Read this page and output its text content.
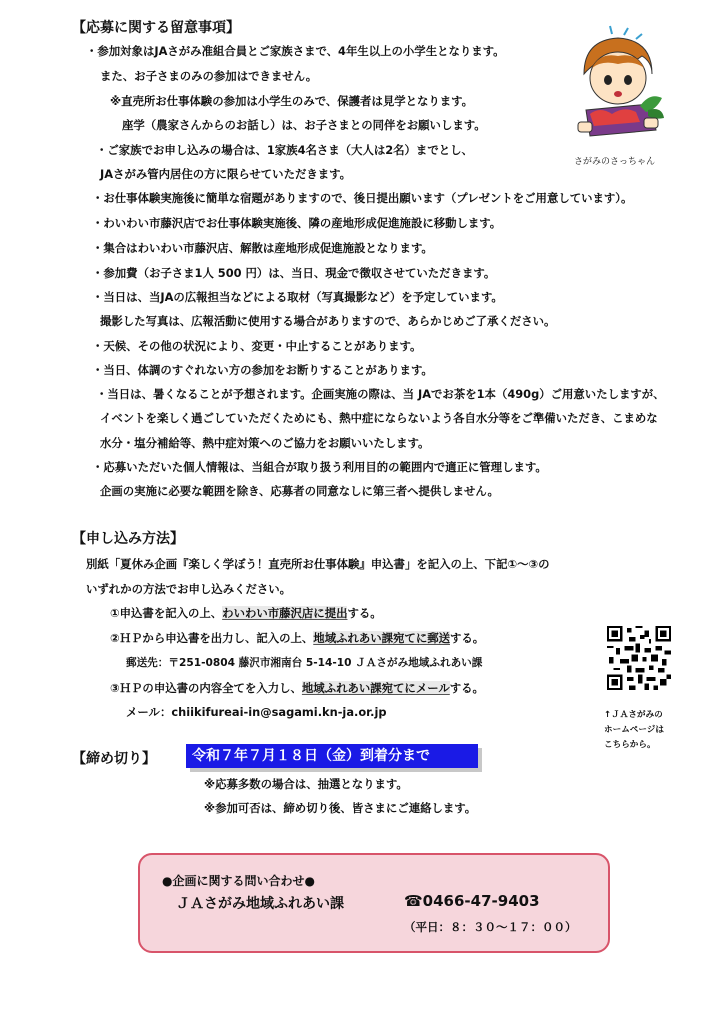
【応募に関する留意事項】
・参加対象はJAさがみ准組合員とご家族さまで、4年生以上の小学生となります。
また、お子さまのみの参加はできません。
※直売所お仕事体験の参加は小学生のみで、保護者は見学となります。
座学（農家さんからのお話し）は、お子さまとの同伴をお願いします。
・ご家族でお申し込みの場合は、1家族4名さま（大人は2名）までとし、
JAさがみ管内居住の方に限らせていただきます。
・お仕事体験実施後に簡単な宿題がありますので、後日提出願います（プレゼントをご用意しています）。
・わいわい市藤沢店でお仕事体験実施後、隣の産地形成促進施設に移動します。
・集合はわいわい市藤沢店、解散は産地形成促進施設となります。
・参加費（お子さま1人 500 円）は、当日、現金で徴収させていただきます。
・当日は、当JAの広報担当などによる取材（写真撮影など）を予定しています。
撮影した写真は、広報活動に使用する場合がありますので、あらかじめご了承ください。
・天候、その他の状況により、変更・中止することがあります。
・当日、体調のすぐれない方の参加をお断りすることがあります。
・当日は、暑くなることが予想されます。企画実施の際は、当 JAでお茶を1本（490g）ご用意いたしますが、
イベントを楽しく過ごしていただくためにも、熱中症にならないよう各自水分等をご準備いただき、こまめな
水分・塩分補給等、熱中症対策へのご協力をお願いいたします。
・応募いただいた個人情報は、当組合が取り扱う利用目的の範囲内で適正に管理します。
企画の実施に必要な範囲を除き、応募者の同意なしに第三者へ提供しません。
さがみのさっちゃん
【申し込み方法】
別紙「夏休み企画『楽しく学ぼう！直売所お仕事体験』申込書」を記入の上、下記①～③の
いずれかの方法でお申し込みください。
①申込書を記入の上、わいわい市藤沢店に提出する。
②ＨＰから申込書を出力し、記入の上、地域ふれあい課宛てに郵送する。
郵送先：〒251-0804 藤沢市湘南台 5-14-10 ＪＡさがみ地域ふれあい課
③ＨＰの申込書の内容全てを入力し、地域ふれあい課宛てにメールする。
メール：chiikifureai-in@sagami.kn-ja.or.jp	↑ＪＡさがみの
ホームページは
こちらから。
【締め切り】	令和７年７月１８日（金）到着分まで
※応募多数の場合は、抽選となります。
※参加可否は、締め切り後、皆さまにご連絡します。
●企画に関する問い合わせ●
ＪＡさがみ地域ふれあい課	☎0466-47-9403
（平日：８：３０～１７：００）
